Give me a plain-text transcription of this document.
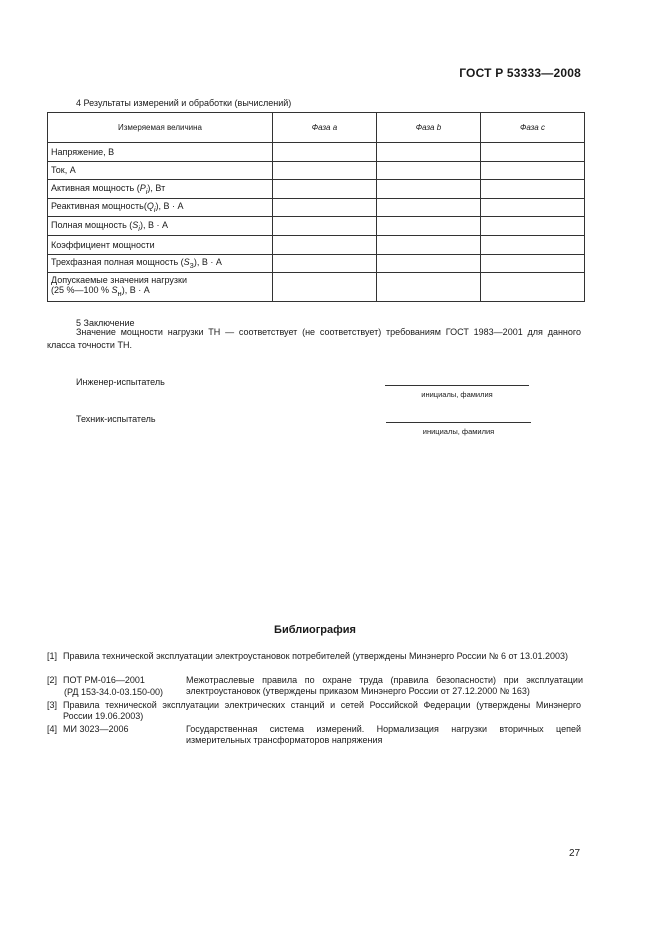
ГОСТ Р 53333—2008
4 Результаты измерений и обработки (вычислений)
Измеряемая величина	Фаза a	Фаза b	Фаза c
Напряжение, В			
Ток, А			
Активная мощность $(P_i)$, Вт			
Реактивная $мощность(Q_i)$, В · А			
Полная мощность $(S_i)$, В · А			
Коэффициент мощности			
Трехфазная полная мощность $(S_3)$, В · А			
Допускаемые значения нагрузки
(25 %—100 % $S_н$), В · А			
5 Заключение
Значение мощности нагрузки ТН — соответствует (не соответствует) требованиям ГОСТ 1983—2001 для данного класса точности ТН.
Инженер-испытатель
инициалы, фамилия
Техник-испытатель
инициалы, фамилия
Библиография
[1] Правила технической эксплуатации электроустановок потребителей (утверждены Минэнерго России № 6 от 13.01.2003)
[2] ПОТ РМ-016—2001
(РД 153-34.0-03.150-00)
Межотраслевые правила по охране труда (правила безопасности) при эксплуатации электроустановок (утверждены приказом Минэнерго России от 27.12.2000 № 163)
[3] Правила технической эксплуатации электрических станций и сетей Российской Федерации (утверждены Минэнерго России 19.06.2003)
[4] МИ 3023—2006	Государственная система измерений. Нормализация нагрузки вторичных цепей измерительных трансформаторов напряжения
27
